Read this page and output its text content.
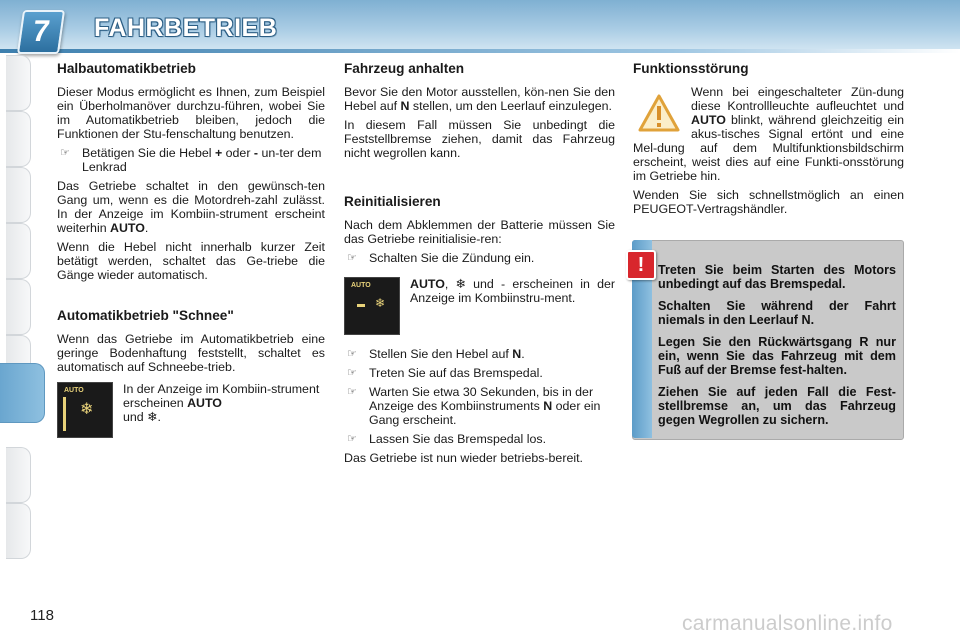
7	FAHRBETRIEB
Halbautomatikbetrieb

Dieser Modus ermöglicht es Ihnen, zum Beispiel ein Überholmanöver durchzu-führen, wobei Sie im Automatikbetrieb bleiben, jedoch die Funktionen der Stu-fenschaltung benutzen.

☞ Betätigen Sie die Hebel + oder - un-ter dem Lenkrad

Das Getriebe schaltet in den gewünsch-ten Gang um, wenn es die Motordreh-zahl zulässt. In der Anzeige im Kombiin-strument erscheint weiterhin AUTO.

Wenn die Hebel nicht innerhalb kurzer Zeit betätigt werden, schaltet das Ge-triebe die Gänge wieder automatisch.

Automatikbetrieb "Schnee"

Wenn das Getriebe im Automatikbetrieb eine geringe Bodenhaftung feststellt, schaltet es automatisch auf Schneebe-trieb.

AUTO
❄
In der Anzeige im Kombiin-strument erscheinen AUTO
und ❄.
Fahrzeug anhalten

Bevor Sie den Motor ausstellen, kön-nen Sie den Hebel auf N stellen, um den Leerlauf einzulegen.

In diesem Fall müssen Sie unbedingt die Feststellbremse ziehen, damit das Fahrzeug nicht wegrollen kann.

Reinitialisieren

Nach dem Abklemmen der Batterie müssen Sie das Getriebe reinitialisie-ren:

☞ Schalten Sie die Zündung ein.
AUTO
❄
AUTO, ❄ und - erscheinen in der Anzeige im Kombiinstru-ment.
☞ Stellen Sie den Hebel auf N.
☞ Treten Sie auf das Bremspedal.
☞ Warten Sie etwa 30 Sekunden, bis in der Anzeige des Kombiinstruments N oder ein Gang erscheint.
☞ Lassen Sie das Bremspedal los.

Das Getriebe ist nun wieder betriebs-bereit.

Funktionsstörung

Wenn bei eingeschalteter Zün-dung diese Kontrollleuchte aufleuchtet und AUTO blinkt, während gleichzeitig ein akus-tisches Signal ertönt und eine Mel-dung auf dem Multifunktionsbildschirm erscheint, weist dies auf eine Funkti-onsstörung im Getriebe hin.

Wenden Sie sich schnellstmöglich an einen PEUGEOT-Vertragshändler.

!	Treten Sie beim Starten des Motors unbedingt auf das Bremspedal.

Schalten Sie während der Fahrt niemals in den Leerlauf N.

Legen Sie den Rückwärtsgang R nur ein, wenn Sie das Fahrzeug mit dem Fuß auf der Bremse fest-halten.

Ziehen Sie auf jeden Fall die Fest-stellbremse an, um das Fahrzeug gegen Wegrollen zu sichern.

118	carmanualsonline.info
